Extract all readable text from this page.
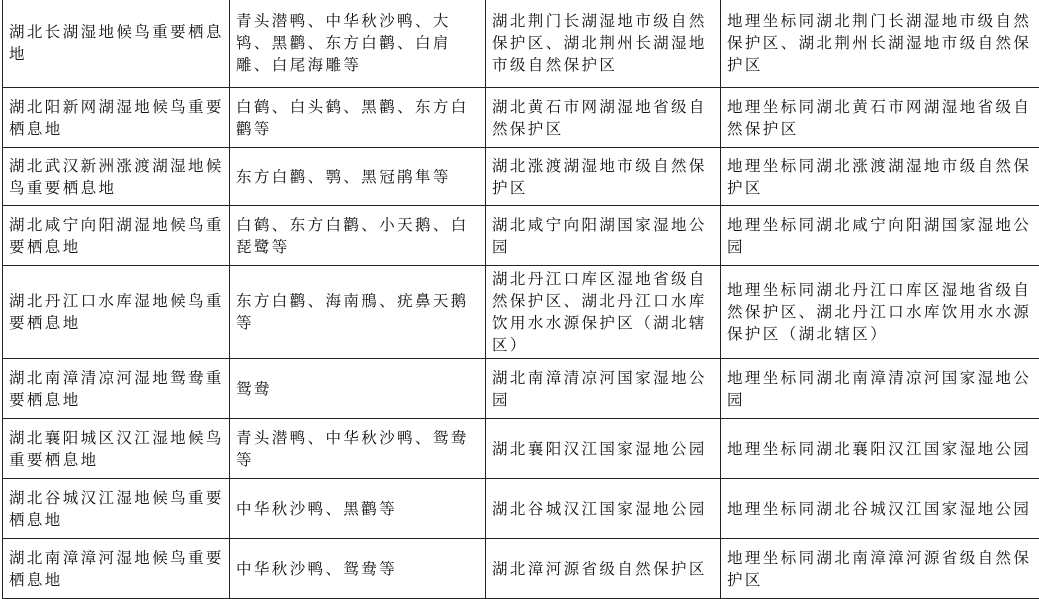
湖北长湖湿地候鸟重要栖息地	青头潜鸭、中华秋沙鸭、大鸨、黑鹳、东方白鹳、白肩雕、白尾海雕等	湖北荆门长湖湿地市级自然保护区、湖北荆州长湖湿地市级自然保护区	地理坐标同湖北荆门长湖湿地市级自然保护区、湖北荆州长湖湿地市级自然保护区
湖北阳新网湖湿地候鸟重要栖息地	白鹤、白头鹤、黑鹳、东方白鹳等	湖北黄石市网湖湿地省级自然保护区	地理坐标同湖北黄石市网湖湿地省级自然保护区
湖北武汉新洲涨渡湖湿地候鸟重要栖息地	东方白鹳、鹗、黑冠鹃隼等	湖北涨渡湖湿地市级自然保护区	地理坐标同湖北涨渡湖湿地市级自然保护区
湖北咸宁向阳湖湿地候鸟重要栖息地	白鹤、东方白鹳、小天鹅、白琵鹭等	湖北咸宁向阳湖国家湿地公园	地理坐标同湖北咸宁向阳湖国家湿地公园
湖北丹江口水库湿地候鸟重要栖息地	东方白鹳、海南鳽、疣鼻天鹅等	湖北丹江口库区湿地省级自然保护区、湖北丹江口水库饮用水水源保护区（湖北辖区）	地理坐标同湖北丹江口库区湿地省级自然保护区、湖北丹江口水库饮用水水源保护区（湖北辖区）
湖北南漳清凉河湿地鸳鸯重要栖息地	鸳鸯	湖北南漳清凉河国家湿地公园	地理坐标同湖北南漳清凉河国家湿地公园
湖北襄阳城区汉江湿地候鸟重要栖息地	青头潜鸭、中华秋沙鸭、鸳鸯等	湖北襄阳汉江国家湿地公园	地理坐标同湖北襄阳汉江国家湿地公园
湖北谷城汉江湿地候鸟重要栖息地	中华秋沙鸭、黑鹳等	湖北谷城汉江国家湿地公园	地理坐标同湖北谷城汉江国家湿地公园
湖北南漳漳河湿地候鸟重要栖息地	中华秋沙鸭、鸳鸯等	湖北漳河源省级自然保护区	地理坐标同湖北南漳漳河源省级自然保护区
